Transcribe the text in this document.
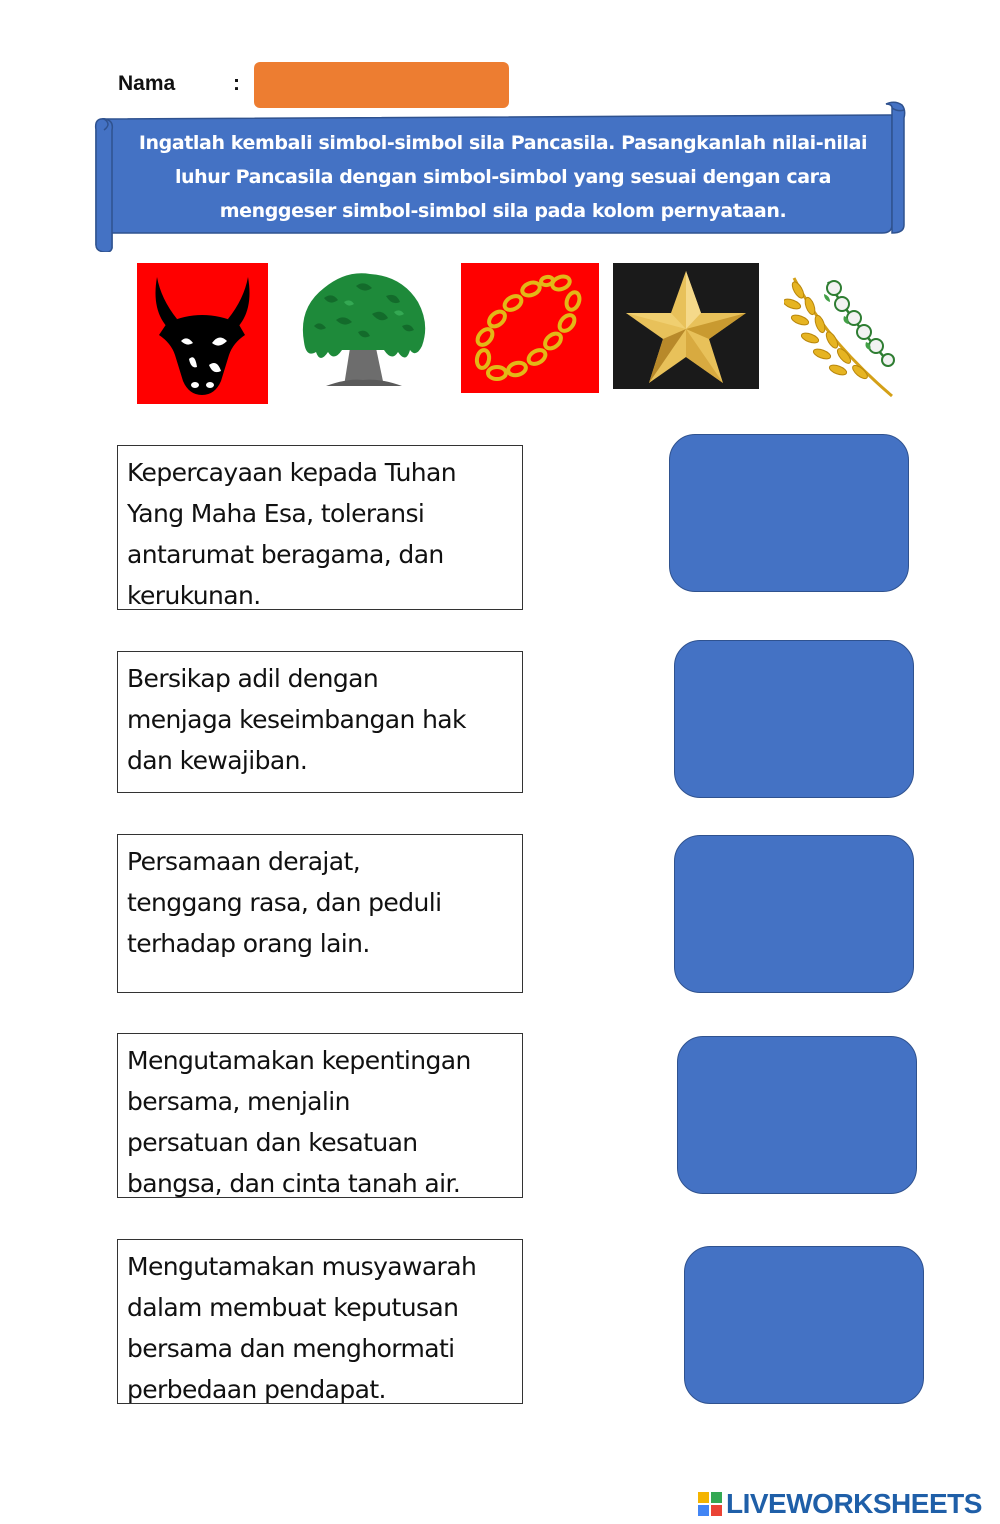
Nama	:
Ingatlah kembali simbol-simbol sila Pancasila. Pasangkanlah nilai-nilai
luhur Pancasila dengan simbol-simbol yang sesuai dengan cara
menggeser simbol-simbol sila pada kolom pernyataan.
Kepercayaan kepada Tuhan
Yang Maha Esa, toleransi
antarumat beragama, dan
kerukunan.
Bersikap adil dengan
menjaga keseimbangan hak
dan kewajiban.
Persamaan derajat,
tenggang rasa, dan peduli
terhadap orang lain.
Mengutamakan kepentingan
bersama, menjalin
persatuan dan kesatuan
bangsa, dan cinta tanah air.
Mengutamakan musyawarah
dalam membuat keputusan
bersama dan menghormati
perbedaan pendapat.
LIVEWORKSHEETS
